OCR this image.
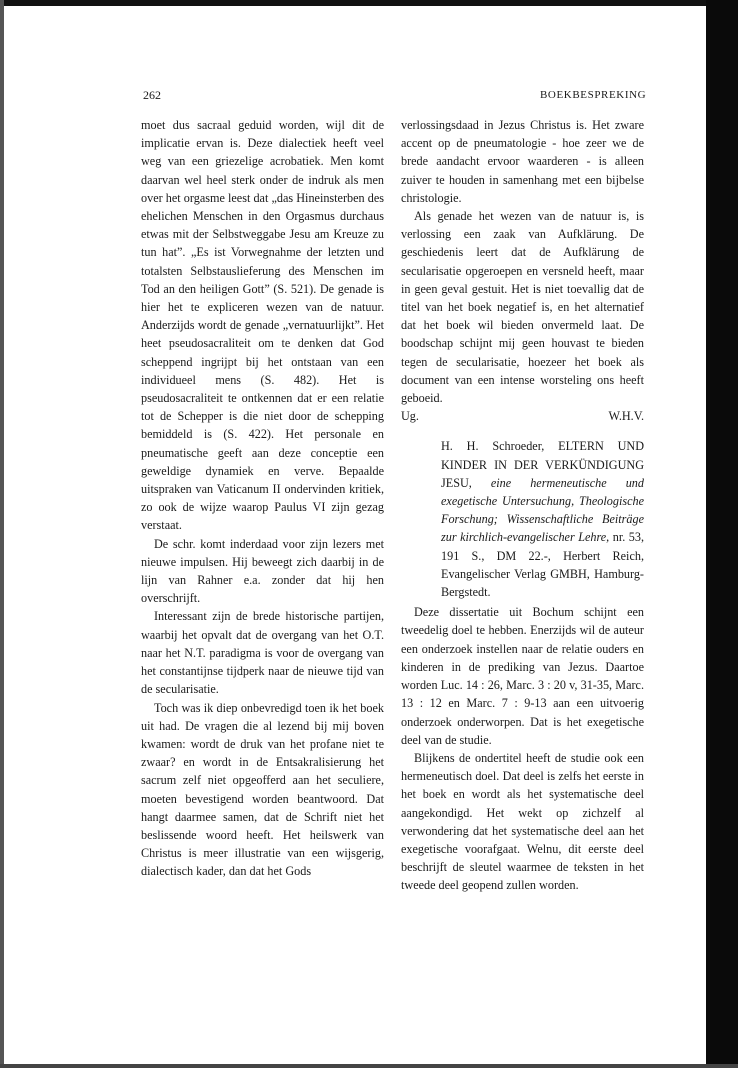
262	BOEKBESPREKING

moet dus sacraal geduid worden, wijl dit de implicatie ervan is. Deze dialectiek heeft veel weg van een griezelige acrobatiek. Men komt daarvan wel heel sterk onder de indruk als men over het orgasme leest dat „das Hineinsterben des ehelichen Menschen in den Orgasmus durchaus etwas mit der Selbstweggabe Jesu am Kreuze zu tun hat”. „Es ist Vorwegnahme der letzten und totalsten Selbstauslieferung des Menschen im Tod an den heiligen Gott” (S. 521). De genade is hier het te expliceren wezen van de natuur. Anderzijds wordt de genade „vernatuurlijkt”. Het heet pseudosacraliteit om te denken dat God scheppend ingrijpt bij het ontstaan van een individueel mens (S. 482). Het is pseudosacraliteit te ontkennen dat er een relatie tot de Schepper is die niet door de schepping bemiddeld is (S. 422). Het personale en pneumatische geeft aan deze conceptie een geweldige dynamiek en verve. Bepaalde uitspraken van Vaticanum II ondervinden kritiek, zo ook de wijze waarop Paulus VI zijn gezag verstaat.

De schr. komt inderdaad voor zijn lezers met nieuwe impulsen. Hij beweegt zich daarbij in de lijn van Rahner e.a. zonder dat hij hen overschrijft.

Interessant zijn de brede historische partijen, waarbij het opvalt dat de overgang van het O.T. naar het N.T. paradigma is voor de overgang van het constantijnse tijdperk naar de nieuwe tijd van de secularisatie.

Toch was ik diep onbevredigd toen ik het boek uit had. De vragen die al lezend bij mij boven kwamen: wordt de druk van het profane niet te zwaar? en wordt in de Entsakralisierung het sacrum zelf niet opgeofferd aan het seculiere, moeten bevestigend worden beantwoord. Dat hangt daarmee samen, dat de Schrift niet het beslissende woord heeft. Het heilswerk van Christus is meer illustratie van een wijsgerig, dialectisch kader, dan dat het Gods

verlossingsdaad in Jezus Christus is. Het zware accent op de pneumatologie - hoe zeer we de brede aandacht ervoor waarderen - is alleen zuiver te houden in samenhang met een bijbelse christologie.

Als genade het wezen van de natuur is, is verlossing een zaak van Aufklärung. De geschiedenis leert dat de Aufklärung de secularisatie opgeroepen en versneld heeft, maar in geen geval gestuit. Het is niet toevallig dat de titel van het boek negatief is, en het alternatief dat het boek wil bieden onvermeld laat. De boodschap schijnt mij geen houvast te bieden tegen de secularisatie, hoezeer het boek als document van een intense worsteling ons heeft geboeid.

Ug.	W.H.V.
H. H. Schroeder, ELTERN UND KINDER IN DER VERKÜNDIGUNG JESU, eine hermeneutische und exegetische Untersuchung, Theologische Forschung; Wissenschaftliche Beiträge zur kirchlich-evangelischer Lehre, nr. 53, 191 S., DM 22.-, Herbert Reich, Evangelischer Verlag GMBH, Hamburg-Bergstedt.

Deze dissertatie uit Bochum schijnt een tweedelig doel te hebben. Enerzijds wil de auteur een onderzoek instellen naar de relatie ouders en kinderen in de prediking van Jezus. Daartoe worden Luc. 14 : 26, Marc. 3 : 20 v, 31-35, Marc. 13 : 12 en Marc. 7 : 9-13 aan een uitvoerig onderzoek onderworpen. Dat is het exegetische deel van de studie.

Blijkens de ondertitel heeft de studie ook een hermeneutisch doel. Dat deel is zelfs het eerste in het boek en wordt als het systematische deel aangekondigd. Het wekt op zichzelf al verwondering dat het systematische deel aan het exegetische voorafgaat. Welnu, dit eerste deel beschrijft de sleutel waarmee de teksten in het tweede deel geopend zullen worden.
